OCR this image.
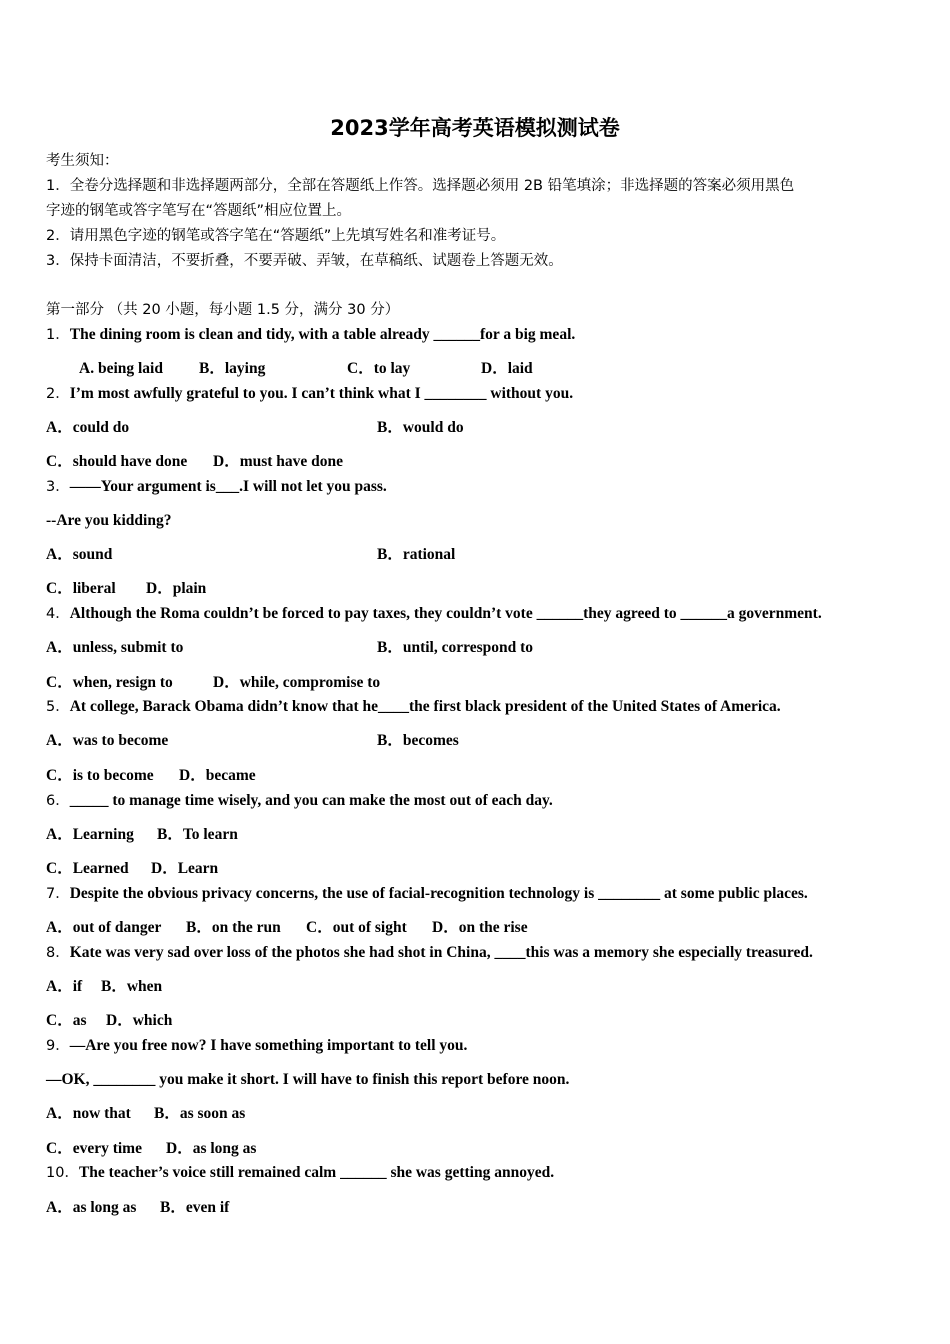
2023学年高考英语模拟测试卷
考生须知：
1．全卷分选择题和非选择题两部分，全部在答题纸上作答。选择题必须用 2B 铅笔填涂；非选择题的答案必须用黑色
字迹的钢笔或答字笔写在“答题纸”相应位置上。
2．请用黑色字迹的钢笔或答字笔在“答题纸”上先填写姓名和准考证号。
3．保持卡面清洁，不要折叠，不要弄破、弄皱，在草稿纸、试题卷上答题无效。
第一部分 （共 20 小题，每小题 1.5 分，满分 30 分）
1．The dining room is clean and tidy, with a table already ______for a big meal.
A. being laid B．laying	C．to lay	D．laid
2．I’m most awfully grateful to you. I can’t think what I ________ without you.
A．could do	B．would do
C．should have done D．must have done
3．——Your argument is___.I will not let you pass.
--Are you kidding?
A．sound	B．rational
C．liberal D．plain
4．Although the Roma couldn’t be forced to pay taxes, they couldn’t vote ______they agreed to ______a government.
A．unless, submit to	B．until, correspond to
C．when, resign to	D．while, compromise to
5．At college, Barack Obama didn’t know that he____the first black president of the United States of America.
A．was to become	B．becomes
C．is to become D．became
6．_____ to manage time wisely, and you can make the most out of each day.
A．Learning B．To learn
C．Learned D．Learn
7．Despite the obvious privacy concerns, the use of facial-recognition technology is ________ at some public places.
A．out of danger B．on the run C．out of sight D．on the rise
8．Kate was very sad over loss of the photos she had shot in China, ____this was a memory she especially treasured.
A．if B．when
C．as D．which
9．—Are you free now? I have something important to tell you.
—OK, ________ you make it short. I will have to finish this report before noon.
A．now that B．as soon as
C．every time D．as long as
10．The teacher’s voice still remained calm ______ she was getting annoyed.
A．as long as B．even if
